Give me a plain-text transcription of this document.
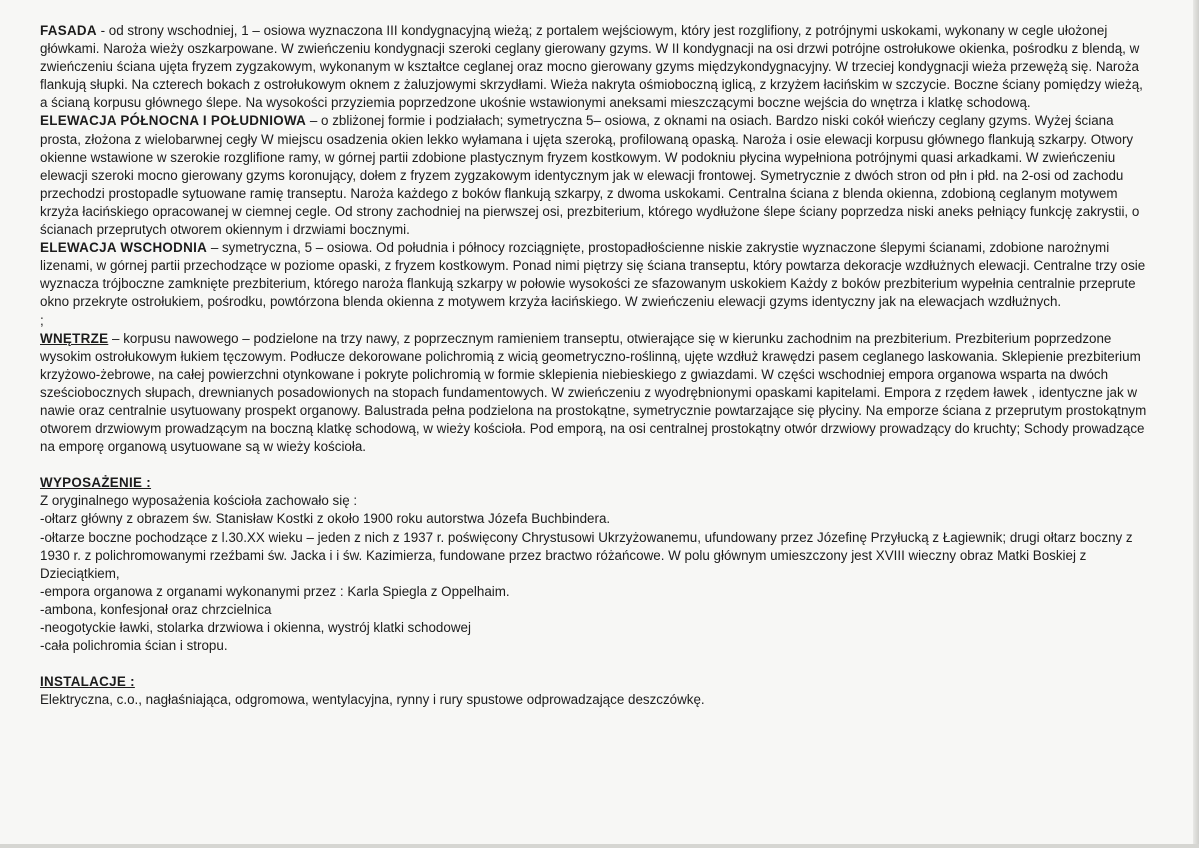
FASADA - od strony wschodniej, 1 – osiowa wyznaczona III kondygnacyjną wieżą; z portalem wejściowym, który jest rozglifiony, z potrójnymi uskokami, wykonany w cegle ułożonej główkami. Naroża wieży oszkarpowane. W zwieńczeniu kondygnacji szeroki ceglany gierowany gzyms. W II kondygnacji na osi drzwi potrójne ostrołukowe okienka, pośrodku z blendą, w zwieńczeniu ściana ujęta fryzem zygzakowym, wykonanym w kształtce ceglanej oraz mocno gierowany gzyms międzykondygnacyjny. W trzeciej kondygnacji wieża przewężą się. Naroża flankują słupki. Na czterech bokach z ostrołukowym oknem z żaluzjowymi skrzydłami. Wieża nakryta ośmioboczną iglicą, z krzyżem łacińskim w szczycie. Boczne ściany pomiędzy wieżą, a ścianą korpusu głównego ślepe. Na wysokości przyziemia poprzedzone ukośnie wstawionymi aneksami mieszczącymi boczne wejścia do wnętrza i klatkę schodową.

ELEWACJA PÓŁNOCNA I POŁUDNIOWA – o zbliżonej formie i podziałach; symetryczna 5– osiowa, z oknami na osiach. Bardzo niski cokół wieńczy ceglany gzyms. Wyżej ściana prosta, złożona z wielobarwnej cegły W miejscu osadzenia okien lekko wyłamana i ujęta szeroką, profilowaną opaską. Naroża i osie elewacji korpusu głównego flankują szkarpy. Otwory okienne wstawione w szerokie rozglifione ramy, w górnej partii zdobione plastycznym fryzem kostkowym. W podokniu płycina wypełniona potrójnymi quasi arkadkami. W zwieńczeniu elewacji szeroki mocno gierowany gzyms koronujący, dołem z fryzem zygzakowym identycznym jak w elewacji frontowej. Symetrycznie z dwóch stron od płn i płd. na 2-osi od zachodu przechodzi prostopadle sytuowane ramię transeptu. Naroża każdego z boków flankują szkarpy, z dwoma uskokami. Centralna ściana z blenda okienna, zdobioną ceglanym motywem krzyża łacińskiego opracowanej w ciemnej cegle. Od strony zachodniej na pierwszej osi, prezbiterium, którego wydłużone ślepe ściany poprzedza niski aneks pełniący funkcję zakrystii, o ścianach przeprutych otworem okiennym i drzwiami bocznymi.

ELEWACJA WSCHODNIA – symetryczna, 5 – osiowa. Od południa i północy rozciągnięte, prostopadłościenne niskie zakrystie wyznaczone ślepymi ścianami, zdobione narożnymi lizenami, w górnej partii przechodzące w poziome opaski, z fryzem kostkowym. Ponad nimi piętrzy się ściana transeptu, który powtarza dekoracje wzdłużnych elewacji. Centralne trzy osie wyznacza trójboczne zamknięte prezbiterium, którego naroża flankują szkarpy w połowie wysokości ze sfazowanym uskokiem Każdy z boków prezbiterium wypełnia centralnie przeprute okno przekryte ostrołukiem, pośrodku, powtórzona blenda okienna z motywem krzyża łacińskiego. W zwieńczeniu elewacji gzyms identyczny jak na elewacjach wzdłużnych.

;

WNĘTRZE – korpusu nawowego – podzielone na trzy nawy, z poprzecznym ramieniem transeptu, otwierające się w kierunku zachodnim na prezbiterium. Prezbiterium poprzedzone wysokim ostrołukowym łukiem tęczowym. Podłucze dekorowane polichromią z wicią geometryczno-roślinną, ujęte wzdłuż krawędzi pasem ceglanego laskowania. Sklepienie prezbiterium krzyżowo-żebrowe, na całej powierzchni otynkowane i pokryte polichromią w formie sklepienia niebieskiego z gwiazdami. W części wschodniej empora organowa wsparta na dwóch sześciobocznych słupach, drewnianych posadowionych na stopach fundamentowych. W zwieńczeniu z wyodrębnionymi opaskami kapitelami. Empora z rzędem ławek , identyczne jak w nawie oraz centralnie usytuowany prospekt organowy. Balustrada pełna podzielona na prostokątne, symetrycznie powtarzające się płyciny. Na emporze ściana z przeprutym prostokątnym otworem drzwiowym prowadzącym na boczną klatkę schodową, w wieży kościoła. Pod emporą, na osi centralnej prostokątny otwór drzwiowy prowadzący do kruchty; Schody prowadzące na emporę organową usytuowane są w wieży kościoła.

WYPOSAŻENIE :

Z oryginalnego wyposażenia kościoła zachowało się :

-ołtarz główny z obrazem św. Stanisław Kostki z około 1900 roku autorstwa Józefa Buchbindera.

-ołtarze boczne pochodzące z l.30.XX wieku – jeden z nich z 1937 r. poświęcony Chrystusowi Ukrzyżowanemu, ufundowany przez Józefinę Przyłucką z Łagiewnik; drugi ołtarz boczny z 1930 r. z polichromowanymi rzeźbami św. Jacka i i św. Kazimierza, fundowane przez bractwo różańcowe. W polu głównym umieszczony jest XVIII wieczny obraz Matki Boskiej z Dzieciątkiem,

-empora organowa z organami wykonanymi przez : Karla Spiegla z Oppelhaim.

-ambona, konfesjonał oraz chrzcielnica

-neogotyckie ławki, stolarka drzwiowa i okienna, wystrój klatki schodowej

-cała polichromia ścian i stropu.

INSTALACJE :

Elektryczna, c.o., nagłaśniająca, odgromowa, wentylacyjna, rynny i rury spustowe odprowadzające deszczówkę.
